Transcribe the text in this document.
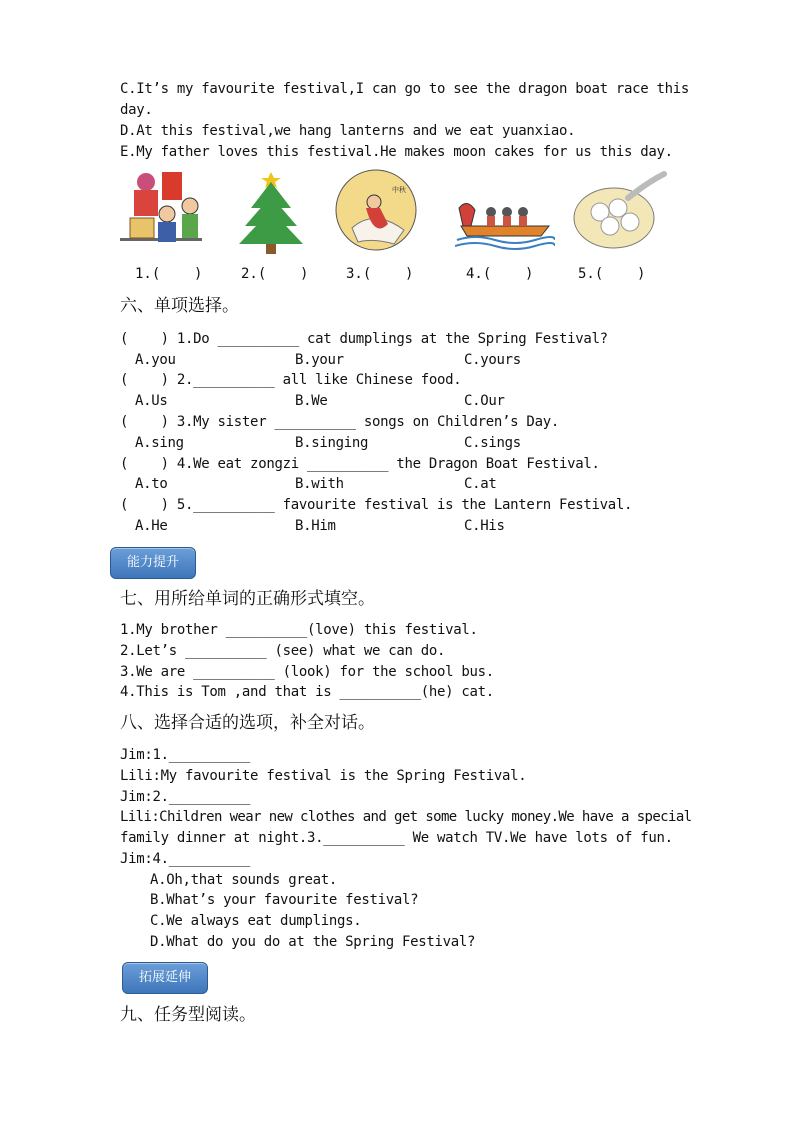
C.It’s my favourite festival,I can go to see the dragon boat race this
day.
D.At this festival,we hang lanterns and we eat yuanxiao.
E.My father loves this festival.He makes moon cakes for us this day.
中秋
1.(    )	2.(    )	3.(    )	4.(    )	5.(    )
六、单项选择。
(    ) 1.Do __________ cat dumplings at the Spring Festival?
A.you	B.your	C.yours
(    ) 2.__________ all like Chinese food.
A.Us	B.We	C.Our
(    ) 3.My sister __________ songs on Children’s Day.
A.sing	B.singing	C.sings
(    ) 4.We eat zongzi __________ the Dragon Boat Festival.
A.to	B.with	C.at
(    ) 5.__________ favourite festival is the Lantern Festival.
A.He	B.Him	C.His
能力提升
七、用所给单词的正确形式填空。
1.My brother __________(love) this festival.
2.Let’s __________ (see) what we can do.
3.We are __________ (look) for the school bus.
4.This is Tom ,and that is __________(he) cat.
八、选择合适的选项，补全对话。
Jim:1.__________
Lili:My favourite festival is the Spring Festival.
Jim:2.__________
Lili:Children wear new clothes and get some lucky money.We have a special
family dinner at night.3.__________ We watch TV.We have lots of fun.
Jim:4.__________
A.Oh,that sounds great.
B.What’s your favourite festival?
C.We always eat dumplings.
D.What do you do at the Spring Festival?
拓展延伸
九、任务型阅读。
